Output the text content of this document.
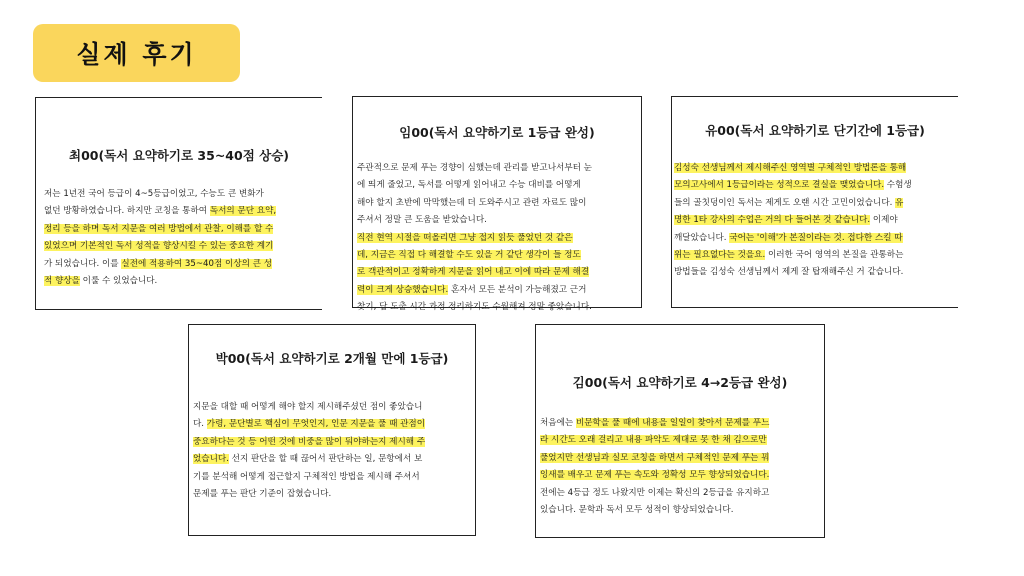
실제 후기
최00(독서 요약하기로 35~40점 상승)
저는 1년전 국어 등급이 4~5등급이었고, 수능도 큰 변화가
없던 방황하였습니다. 하지만 코칭을 통하여 독서의 문단 요약,
정리 등을 하며 독서 지문을 여러 방법에서 관찰, 이해를 할 수
있었으며 기본적인 독서 성적을 향상시킬 수 있는 중요한 계기
가 되었습니다. 이를 실전에 적용하여 35~40점 이상의 큰 성
적 향상을 이룰 수 있었습니다.
임00(독서 요약하기로 1등급 완성)
주관적으로 문제 푸는 경향이 심했는데 관리를 받고나서부터 눈
에 띄게 줄었고, 독서를 어떻게 읽어내고 수능 대비를 어떻게
해야 할지 초반에 막막했는데 더 도와주시고 관련 자료도 많이
주셔서 정말 큰 도움을 받았습니다.
직전 현역 시절을 떠올리면 그냥 접지 읽듯 풀었던 것 같은
데, 지금은 직접 다 해결할 수도 있을 거 같단 생각이 들 정도
로 객관적이고 정확하게 지문을 읽어 내고 이에 따라 문제 해결
력이 크게 상승했습니다. 혼자서 모든 분석이 가능해졌고 근거
찾기, 답 도출 시간 과정 정리하기도 수월해져 정말 좋았습니다.
유00(독서 요약하기로 단기간에 1등급)
김성숙 선생님께서 제시해주신 영역별 구체적인 방법론을 통해
모의고사에서 1등급이라는 성적으로 결실을 맺었습니다. 수험생
들의 골칫덩이인 독서는 제게도 오랜 시간 고민이었습니다. 유
명한 1타 강사의 수업은 거의 다 들어본 것 같습니다. 이제야
깨달았습니다. 국어는 '이해'가 본질이라는 것. 접다한 스킬 따
위는 필요없다는 것을요. 이러한 국어 영역의 본질을 관통하는
방법들을 김성숙 선생님께서 제게 잘 탑재해주신 거 같습니다.
박00(독서 요약하기로 2개월 만에 1등급)
지문을 대할 때 어떻게 해야 할지 제시해주셨던 점이 좋았습니
다. 가령, 문단별로 핵심이 무엇인지, 인문 지문을 풀 때 관점이
중요하다는 것 등 어떤 것에 비중을 많이 둬야하는지 제시해 주
었습니다. 선지 판단을 할 때 끊어서 판단하는 일, 문항에서 보
기를 분석해 어떻게 접근할지 구체적인 방법을 제시해 주셔서
문제를 푸는 판단 기준이 잡혔습니다.
김00(독서 요약하기로 4→2등급 완성)
처음에는 비문학을 풀 때에 내용을 일일이 찾아서 문제를 푸느
라 시간도 오래 걸리고 내용 파악도 제대로 못 한 채 김으로만
풀었지만 선생님과 실모 코칭을 하면서 구체적인 문제 푸는 꿔
잉새를 배우고 문제 푸는 속도와 정확성 모두 향상되었습니다.
전에는 4등급 정도 나왔지만 이제는 확신의 2등급을 유지하고
있습니다. 문학과 독서 모두 성적이 향상되었습니다.
